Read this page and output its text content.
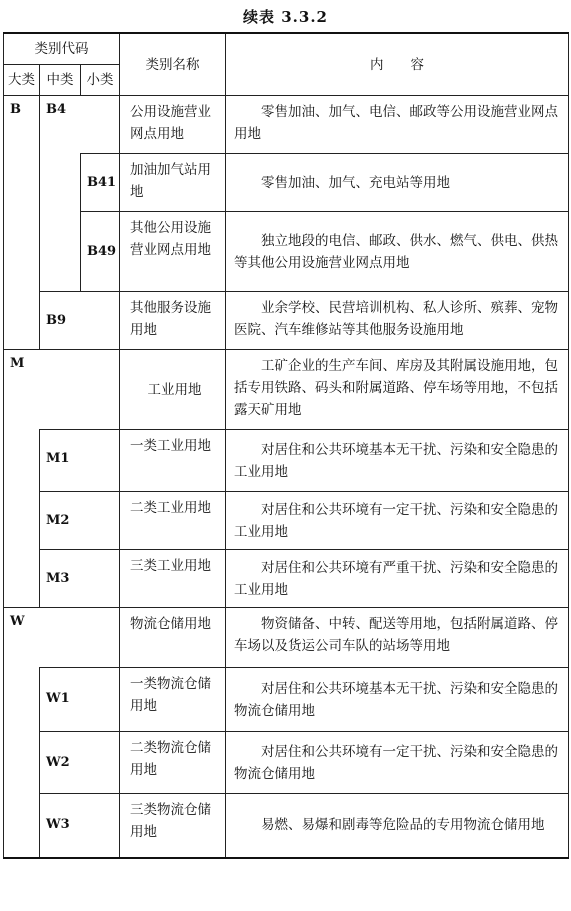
续表 3.3.2
类别代码			类别名称	内　　容
大类	中类	小类		
B	B4		公用设施营业网点用地	零售加油、加气、电信、邮政等公用设施营业网点用地
		B41	加油加气站用地	零售加油、加气、充电站等用地
		B49	其他公用设施营业网点用地	独立地段的电信、邮政、供水、燃气、供电、供热等其他公用设施营业网点用地
	B9		其他服务设施用地	业余学校、民营培训机构、私人诊所、殡葬、宠物医院、汽车维修站等其他服务设施用地
M			工业用地	工矿企业的生产车间、库房及其附属设施用地，包括专用铁路、码头和附属道路、停车场等用地，不包括露天矿用地
	M1		一类工业用地	对居住和公共环境基本无干扰、污染和安全隐患的工业用地
	M2		二类工业用地	对居住和公共环境有一定干扰、污染和安全隐患的工业用地
	M3		三类工业用地	对居住和公共环境有严重干扰、污染和安全隐患的工业用地
W			物流仓储用地	物资储备、中转、配送等用地，包括附属道路、停车场以及货运公司车队的站场等用地
	W1		一类物流仓储用地	对居住和公共环境基本无干扰、污染和安全隐患的物流仓储用地
	W2		二类物流仓储用地	对居住和公共环境有一定干扰、污染和安全隐患的物流仓储用地
	W3		三类物流仓储用地	易燃、易爆和剧毒等危险品的专用物流仓储用地
